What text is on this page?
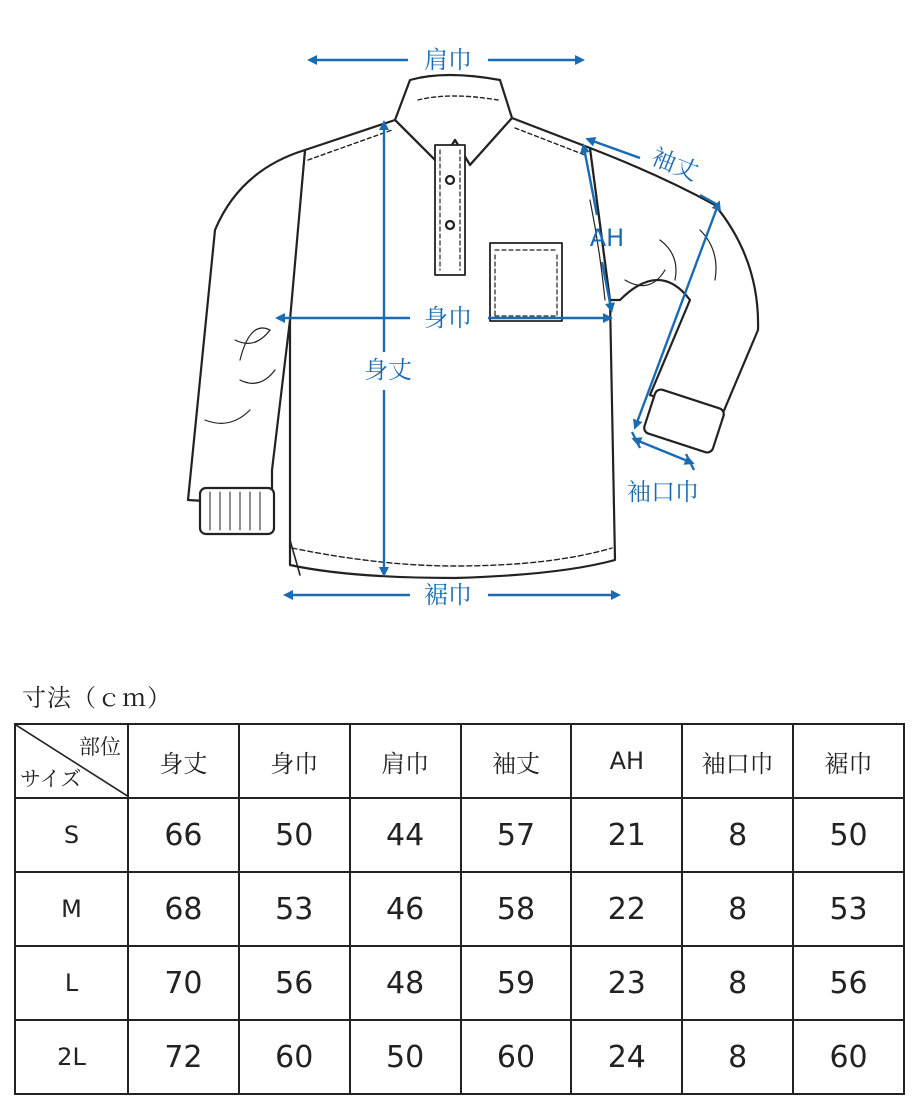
肩巾
袖丈
AH
身巾
身丈
袖口巾
裾巾
寸法（ｃｍ）
部位
サイズ	身丈	身巾	肩巾	袖丈	AH	袖口巾	裾巾
S	66	50	44	57	21	8	50
M	68	53	46	58	22	8	53
L	70	56	48	59	23	8	56
2L	72	60	50	60	24	8	60
